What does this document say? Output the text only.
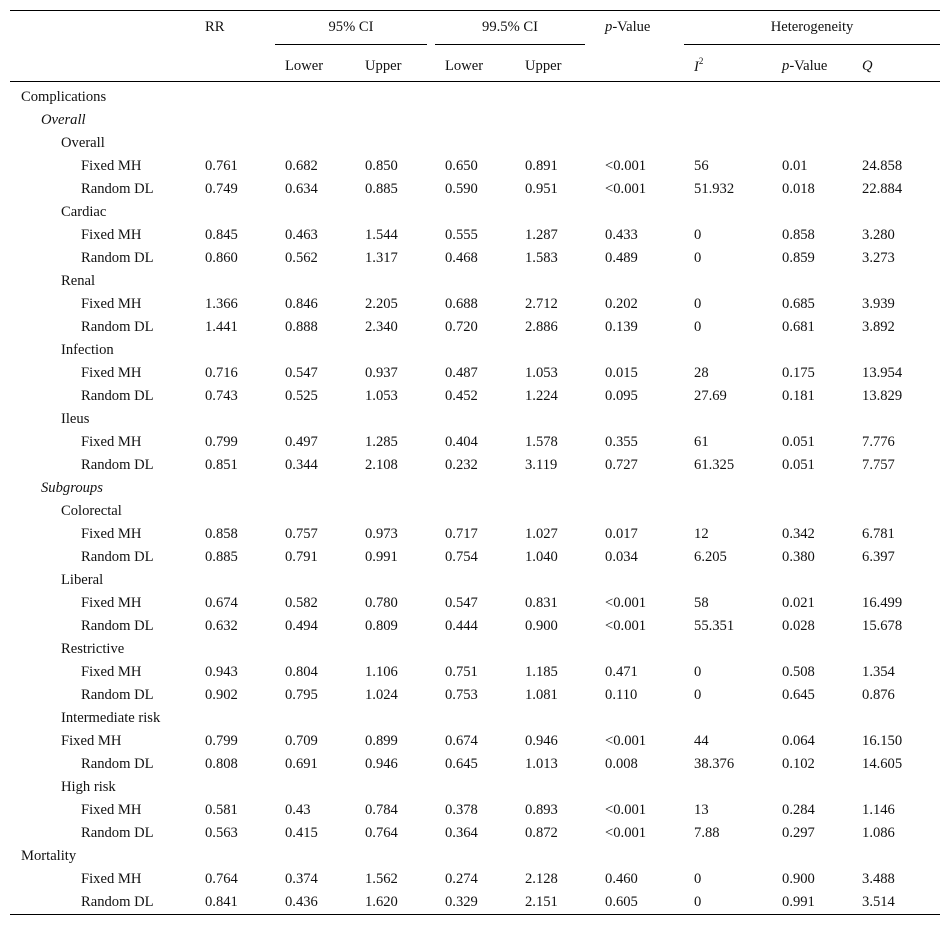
	RR	95% CI		99.5% CI		p-Value	Heterogeneity		

		Lower	Upper	Lower	Upper		$I^2$	p-Value	Q
Complications									
Overall									
Overall									
Fixed MH	0.761	0.682	0.850	0.650	0.891	<0.001	56	0.01	24.858
Random DL	0.749	0.634	0.885	0.590	0.951	<0.001	51.932	0.018	22.884
Cardiac									
Fixed MH	0.845	0.463	1.544	0.555	1.287	0.433	0	0.858	3.280
Random DL	0.860	0.562	1.317	0.468	1.583	0.489	0	0.859	3.273
Renal									
Fixed MH	1.366	0.846	2.205	0.688	2.712	0.202	0	0.685	3.939
Random DL	1.441	0.888	2.340	0.720	2.886	0.139	0	0.681	3.892
Infection									
Fixed MH	0.716	0.547	0.937	0.487	1.053	0.015	28	0.175	13.954
Random DL	0.743	0.525	1.053	0.452	1.224	0.095	27.69	0.181	13.829
Ileus									
Fixed MH	0.799	0.497	1.285	0.404	1.578	0.355	61	0.051	7.776
Random DL	0.851	0.344	2.108	0.232	3.119	0.727	61.325	0.051	7.757
Subgroups									
Colorectal									
Fixed MH	0.858	0.757	0.973	0.717	1.027	0.017	12	0.342	6.781
Random DL	0.885	0.791	0.991	0.754	1.040	0.034	6.205	0.380	6.397
Liberal									
Fixed MH	0.674	0.582	0.780	0.547	0.831	<0.001	58	0.021	16.499
Random DL	0.632	0.494	0.809	0.444	0.900	<0.001	55.351	0.028	15.678
Restrictive									
Fixed MH	0.943	0.804	1.106	0.751	1.185	0.471	0	0.508	1.354
Random DL	0.902	0.795	1.024	0.753	1.081	0.110	0	0.645	0.876
Intermediate risk									
Fixed MH	0.799	0.709	0.899	0.674	0.946	<0.001	44	0.064	16.150
Random DL	0.808	0.691	0.946	0.645	1.013	0.008	38.376	0.102	14.605
High risk									
Fixed MH	0.581	0.43	0.784	0.378	0.893	<0.001	13	0.284	1.146
Random DL	0.563	0.415	0.764	0.364	0.872	<0.001	7.88	0.297	1.086
Mortality									
Fixed MH	0.764	0.374	1.562	0.274	2.128	0.460	0	0.900	3.488
Random DL	0.841	0.436	1.620	0.329	2.151	0.605	0	0.991	3.514
